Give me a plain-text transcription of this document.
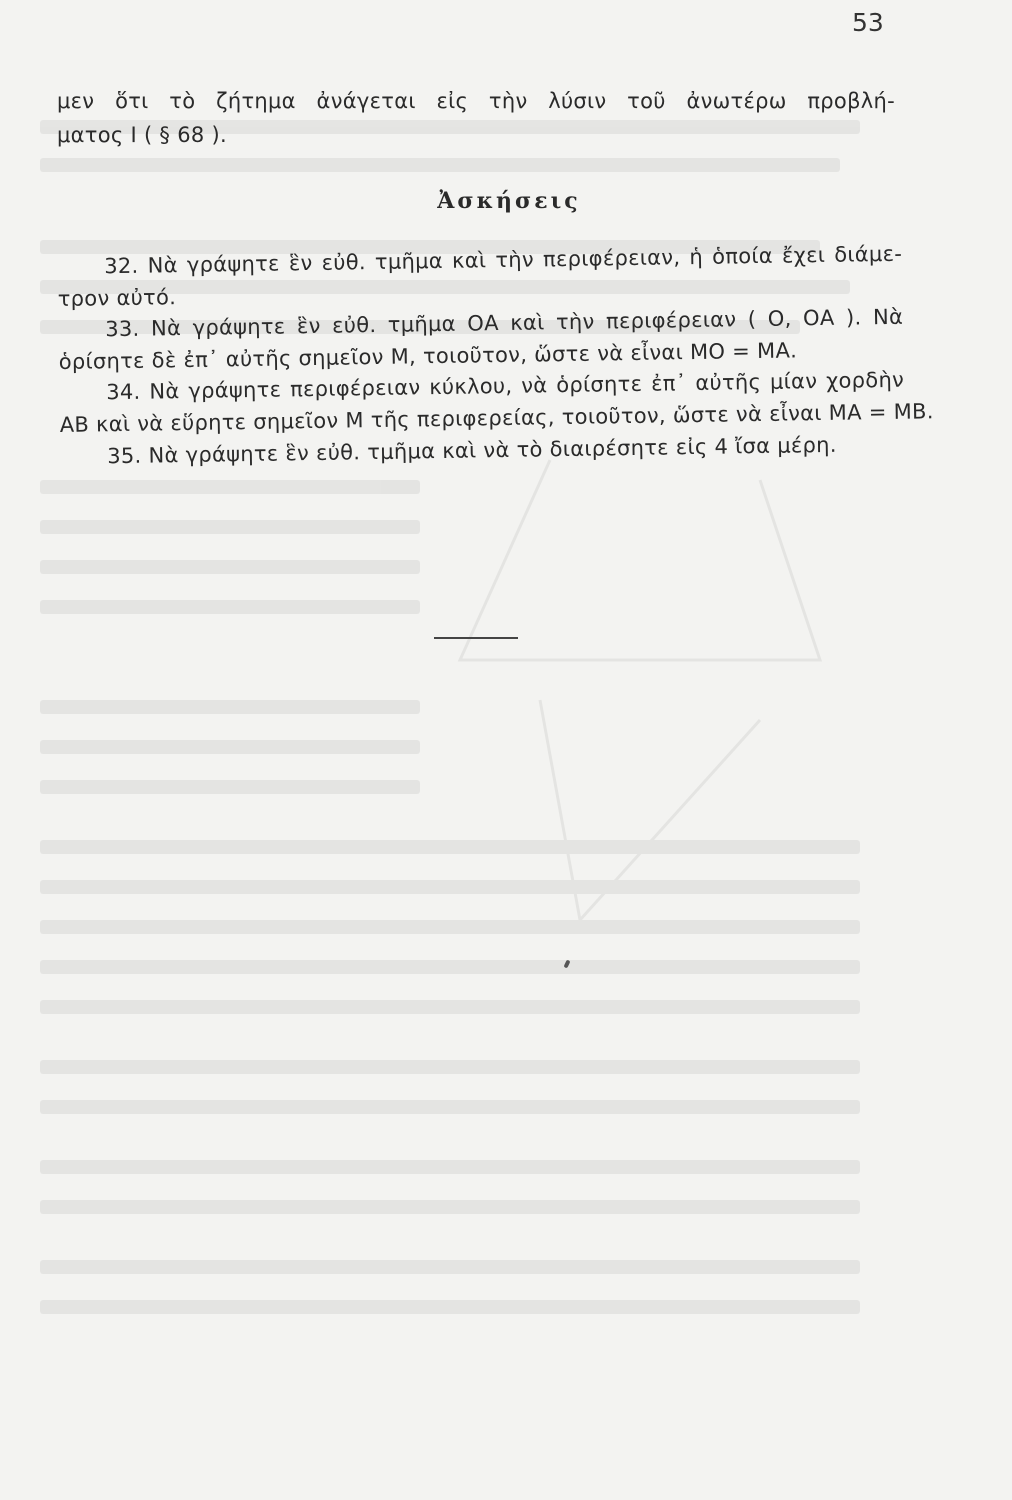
53
μεν ὅτι τὸ ζήτημα ἀνάγεται εἰς τὴν λύσιν τοῦ ἀνωτέρω προβλή-
ματος Ι ( § 68 ).
Ἀσκήσεις
32. Νὰ γράψητε ἓν εὐθ. τμῆμα καὶ τὴν περιφέρειαν, ἡ ὁποία ἔχει διάμε-
τρον αὐτό.
33. Νὰ γράψητε ἓν εὐθ. τμῆμα ΟΑ καὶ τὴν περιφέρειαν ( Ο, ΟΑ ). Νὰ
ὁρίσητε δὲ ἐπ᾽ αὐτῆς σημεῖον Μ, τοιοῦτον, ὥστε νὰ εἶναι ΜΟ = ΜΑ.
34. Νὰ γράψητε περιφέρειαν κύκλου, νὰ ὁρίσητε ἐπ᾽ αὐτῆς μίαν χορδὴν
ΑΒ καὶ νὰ εὕρητε σημεῖον Μ τῆς περιφερείας, τοιοῦτον, ὥστε νὰ εἶναι ΜΑ = ΜΒ.
35. Νὰ γράψητε ἓν εὐθ. τμῆμα καὶ νὰ τὸ διαιρέσητε εἰς 4 ἴσα μέρη.
